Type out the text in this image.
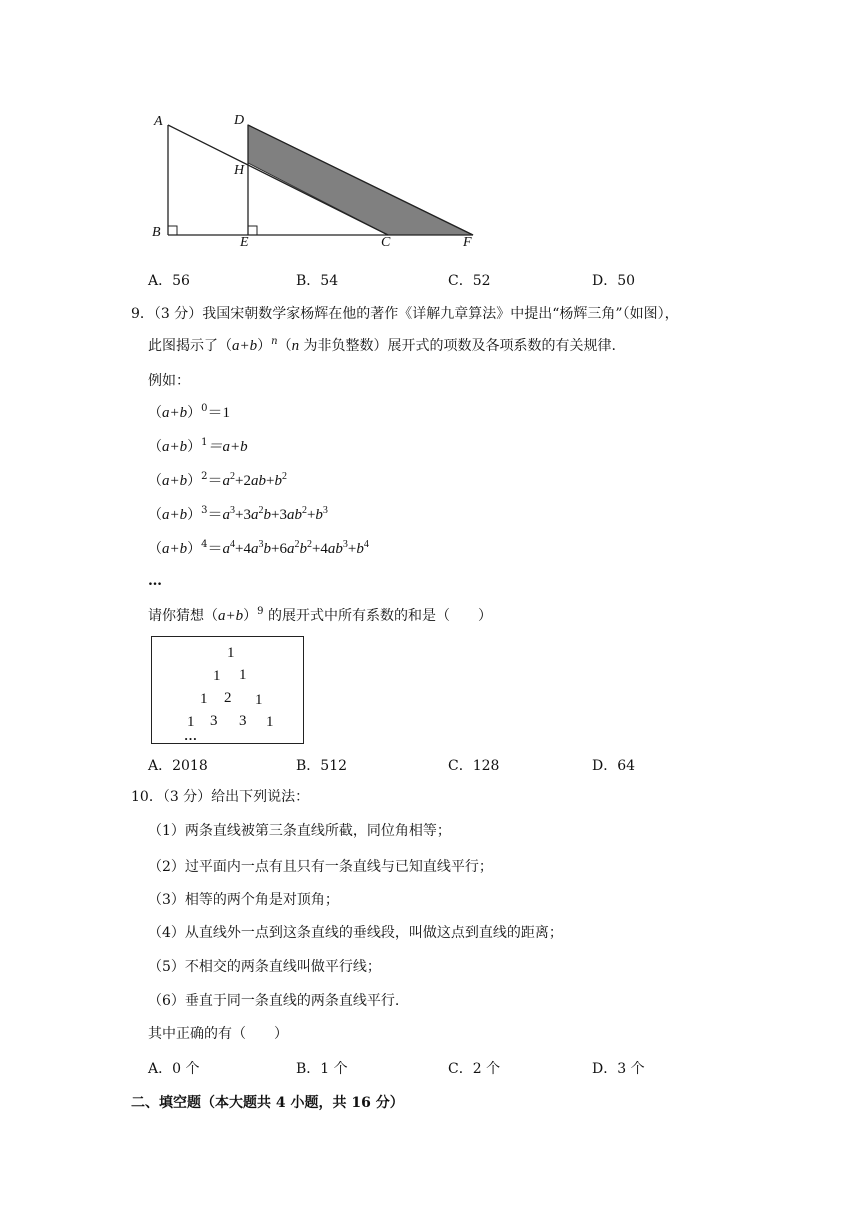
A	D
H
B
E	C	F
A．56	B．54	C．52	D．50
9．（3 分）我国宋朝数学家杨辉在他的著作《详解九章算法》中提出“杨辉三角”（如图），
此图揭示了$(a+b)^n(n$ 为非负整数）展开式的项数及各项系数的有关规律.
例如：
$(a+b)^0=1$
$(a+b)^1=a+b$
$(a+b)^2=a^2+2ab+b^2$
$(a+b)^3=a^3+3a^2b+3ab^2+b^3$
$(a+b)^4=a^4+4a^3b+6a^2b^2+4ab^3+b^4$
…
请你猜想$(a+b)^9$ 的展开式中所有系数的和是（　　）
1
1 1
1 2 1
1 3 3 1
…
A．2018	B．512	C．128	D．64
10．（3 分）给出下列说法：
（1）两条直线被第三条直线所截，同位角相等；
（2）过平面内一点有且只有一条直线与已知直线平行；
（3）相等的两个角是对顶角；
（4）从直线外一点到这条直线的垂线段，叫做这点到直线的距离；
（5）不相交的两条直线叫做平行线；
（6）垂直于同一条直线的两条直线平行.
其中正确的有（　　）
A．0 个	B．1 个	C．2 个	D．3 个
二、填空题（本大题共 4 小题，共 16 分）
